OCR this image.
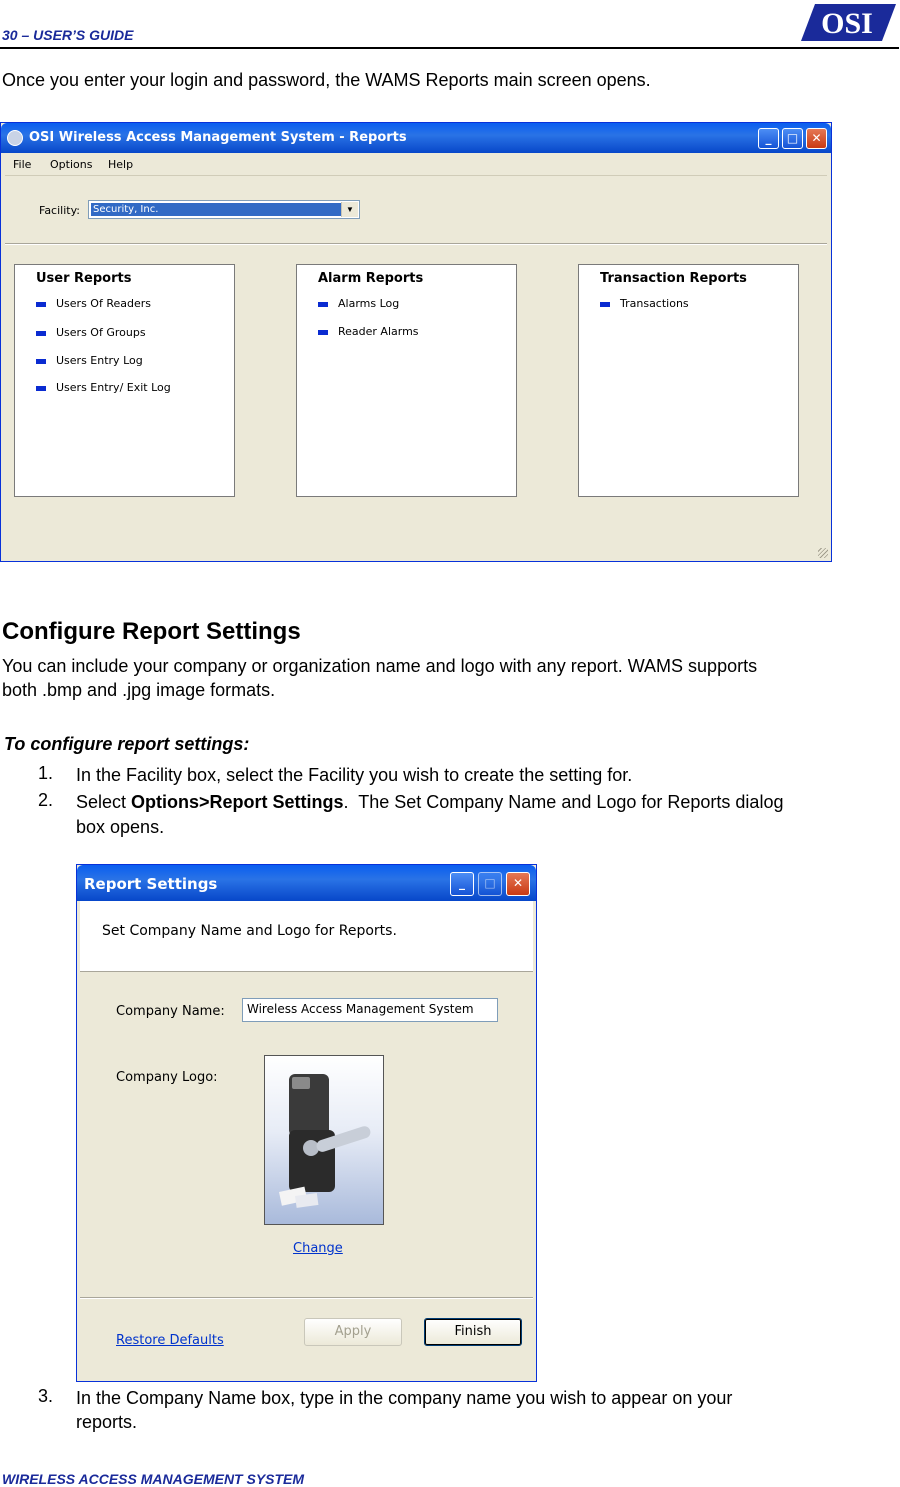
30 – USER’S GUIDE	OSI
Once you enter your login and password, the WAMS Reports main screen opens.
OSI Wireless Access Management System - Reports	_	□	✕
File Options Help
Facility: Security, Inc.	▼
User Reports
Users Of Readers
Users Of Groups
Users Entry Log
Users Entry/ Exit Log
Alarm Reports
Alarms Log
Reader Alarms
Transaction Reports
Transactions
Configure Report Settings
You can include your company or organization name and logo with any report. WAMS supports
both .bmp and .jpg image formats.
To configure report settings:
1. In the Facility box, select the Facility you wish to create the setting for.
2. Select Options>Report Settings.  The Set Company Name and Logo for Reports dialog
box opens.
Report Settings	_	□	✕
Set Company Name and Logo for Reports.
Company Name:	Wireless Access Management System
Company Logo:
Change
Restore Defaults
Apply	Finish
3. In the Company Name box, type in the company name you wish to appear on your
reports.
WIRELESS ACCESS MANAGEMENT SYSTEM
